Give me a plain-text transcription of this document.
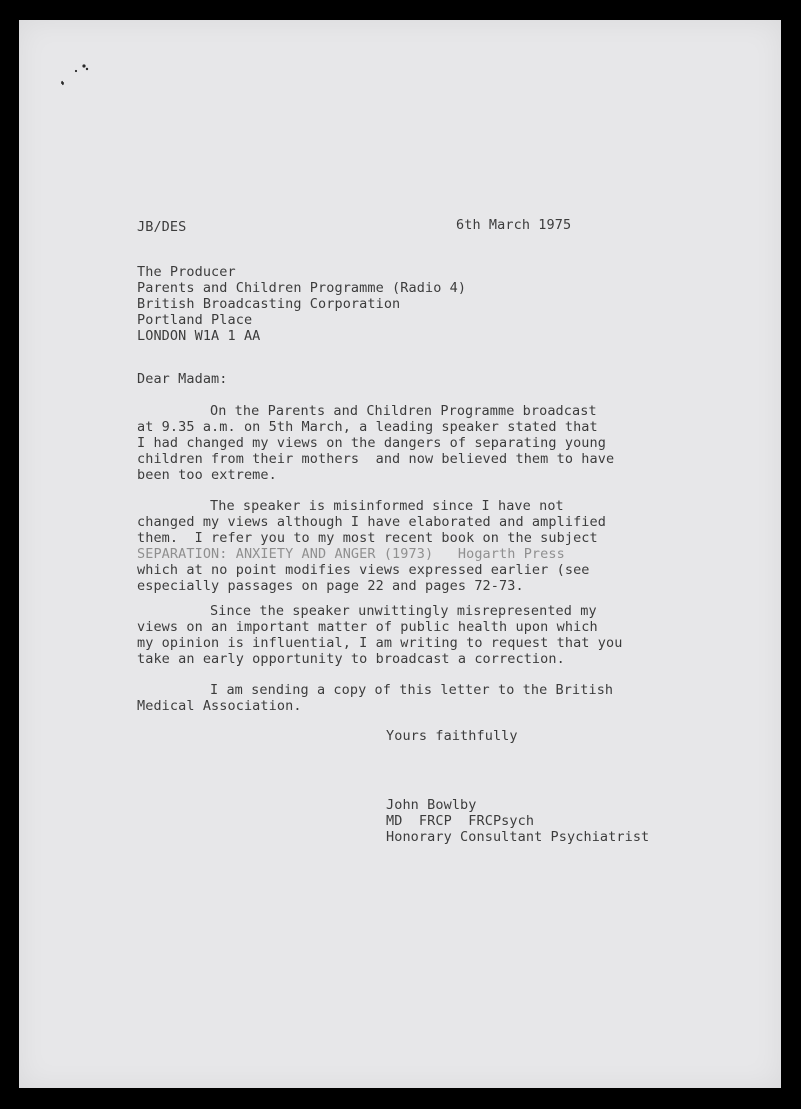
JB/DES	6th March 1975
The Producer
Parents and Children Programme (Radio 4)
British Broadcasting Corporation
Portland Place
LONDON W1A 1 AA
Dear Madam:
On the Parents and Children Programme broadcast
at 9.35 a.m. on 5th March, a leading speaker stated that
I had changed my views on the dangers of separating young
children from their mothers  and now believed them to have
been too extreme.
The speaker is misinformed since I have not
changed my views although I have elaborated and amplified
them.  I refer you to my most recent book on the subject
SEPARATION: ANXIETY AND ANGER (1973)   Hogarth Press
which at no point modifies views expressed earlier (see
especially passages on page 22 and pages 72-73.
Since the speaker unwittingly misrepresented my
views on an important matter of public health upon which
my opinion is influential, I am writing to request that you
take an early opportunity to broadcast a correction.
I am sending a copy of this letter to the British
Medical Association.
Yours faithfully
John Bowlby
MD  FRCP  FRCPsych
Honorary Consultant Psychiatrist
